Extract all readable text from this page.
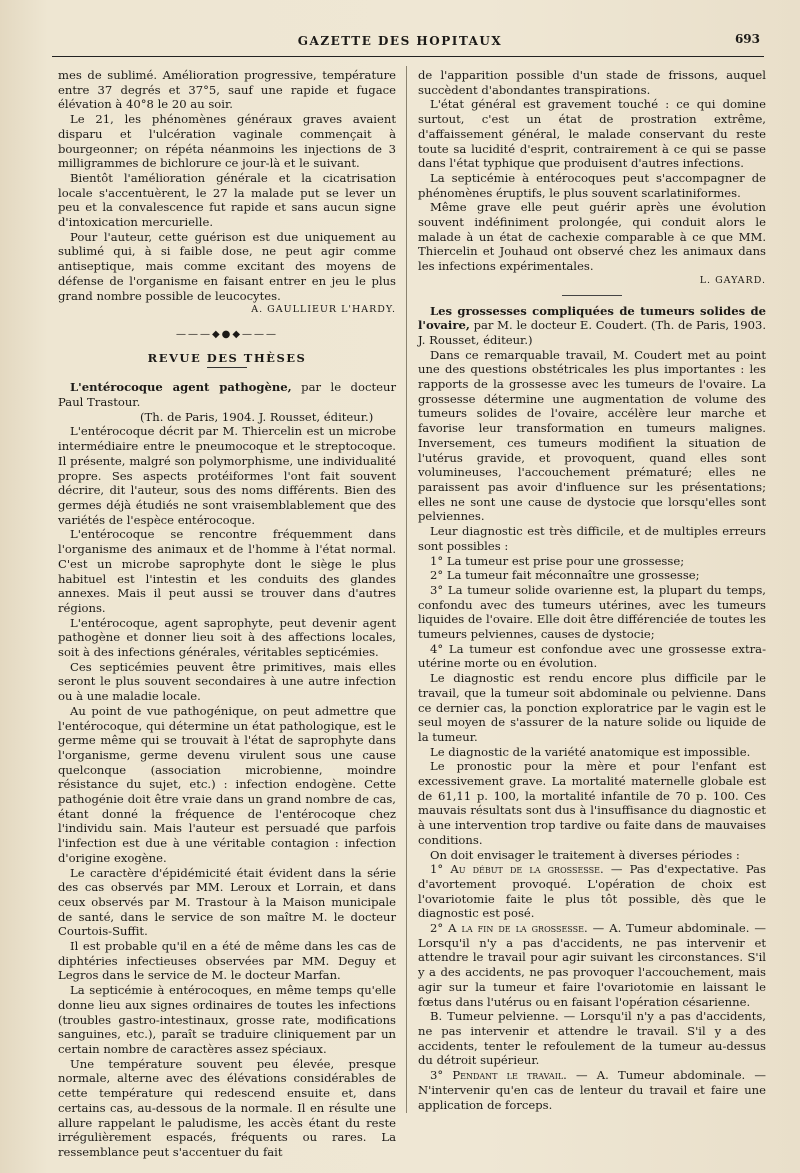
GAZETTE DES HOPITAUX	693

mes de sublimé. Amélioration progressive, température entre 37 degrés et 37°5, sauf une rapide et fugace élévation à 40°8 le 20 au soir.

Le 21, les phénomènes généraux graves avaient disparu et l'ulcération vaginale commençait à bourgeonner; on répéta néanmoins les injections de 3 milligrammes de bichlorure ce jour-là et le suivant.

Bientôt l'amélioration générale et la cicatrisation locale s'accentuèrent, le 27 la malade put se lever un peu et la convalescence fut rapide et sans aucun signe d'intoxication mercurielle.

Pour l'auteur, cette guérison est due uniquement au sublimé qui, à si faible dose, ne peut agir comme antiseptique, mais comme excitant des moyens de défense de l'organisme en faisant entrer en jeu le plus grand nombre possible de leucocytes.

A. GAULLIEUR L'HARDY.
———◆●◆———
REVUE DES THÈSES

L'entérocoque agent pathogène, par le docteur Paul Trastour.
(Th. de Paris, 1904. J. Rousset, éditeur.)

L'entérocoque décrit par M. Thiercelin est un microbe intermédiaire entre le pneumocoque et le streptocoque. Il présente, malgré son polymorphisme, une individualité propre. Ses aspects protéiformes l'ont fait souvent décrire, dit l'auteur, sous des noms différents. Bien des germes déjà étudiés ne sont vraisemblablement que des variétés de l'espèce entérocoque.

L'entérocoque se rencontre fréquemment dans l'organisme des animaux et de l'homme à l'état normal. C'est un microbe saprophyte dont le siège le plus habituel est l'intestin et les conduits des glandes annexes. Mais il peut aussi se trouver dans d'autres régions.

L'entérocoque, agent saprophyte, peut devenir agent pathogène et donner lieu soit à des affections locales, soit à des infections générales, véritables septicémies.

Ces septicémies peuvent être primitives, mais elles seront le plus souvent secondaires à une autre infection ou à une maladie locale.

Au point de vue pathogénique, on peut admettre que l'entérocoque, qui détermine un état pathologique, est le germe même qui se trouvait à l'état de saprophyte dans l'organisme, germe devenu virulent sous une cause quelconque (association microbienne, moindre résistance du sujet, etc.) : infection endogène. Cette pathogénie doit être vraie dans un grand nombre de cas, étant donné la fréquence de l'entérocoque chez l'individu sain. Mais l'auteur est persuadé que parfois l'infection est due à une véritable contagion : infection d'origine exogène.

Le caractère d'épidémicité était évident dans la série des cas observés par MM. Leroux et Lorrain, et dans ceux observés par M. Trastour à la Maison municipale de santé, dans le service de son maître M. le docteur Courtois-Suffit.

Il est probable qu'il en a été de même dans les cas de diphtéries infectieuses observées par MM. Deguy et Legros dans le service de M. le docteur Marfan.

La septicémie à entérocoques, en même temps qu'elle donne lieu aux signes ordinaires de toutes les infections (troubles gastro-intestinaux, grosse rate, modifications sanguines, etc.), paraît se traduire cliniquement par un certain nombre de caractères assez spéciaux.

Une température souvent peu élevée, presque normale, alterne avec des élévations considérables de cette température qui redescend ensuite et, dans certains cas, au-dessous de la normale. Il en résulte une allure rappelant le paludisme, les accès étant du reste irrégulièrement espacés, fréquents ou rares. La ressemblance peut s'accentuer du fait

de l'apparition possible d'un stade de frissons, auquel succèdent d'abondantes transpirations.

L'état général est gravement touché : ce qui domine surtout, c'est un état de prostration extrême, d'affaissement général, le malade conservant du reste toute sa lucidité d'esprit, contrairement à ce qui se passe dans l'état typhique que produisent d'autres infections.

La septicémie à entérocoques peut s'accompagner de phénomènes éruptifs, le plus souvent scarlatiniformes.

Même grave elle peut guérir après une évolution souvent indéfiniment prolongée, qui conduit alors le malade à un état de cachexie comparable à ce que MM. Thiercelin et Jouhaud ont observé chez les animaux dans les infections expérimentales.

L. GAYARD.

Les grossesses compliquées de tumeurs solides de l'ovaire, par M. le docteur E. Coudert. (Th. de Paris, 1903. J. Rousset, éditeur.)

Dans ce remarquable travail, M. Coudert met au point une des questions obstétricales les plus importantes : les rapports de la grossesse avec les tumeurs de l'ovaire. La grossesse détermine une augmentation de volume des tumeurs solides de l'ovaire, accélère leur marche et favorise leur transformation en tumeurs malignes. Inversement, ces tumeurs modifient la situation de l'utérus gravide, et provoquent, quand elles sont volumineuses, l'accouchement prématuré; elles ne paraissent pas avoir d'influence sur les présentations; elles ne sont une cause de dystocie que lorsqu'elles sont pelviennes.

Leur diagnostic est très difficile, et de multiples erreurs sont possibles :

1° La tumeur est prise pour une grossesse;

2° La tumeur fait méconnaître une grossesse;

3° La tumeur solide ovarienne est, la plupart du temps, confondu avec des tumeurs utérines, avec les tumeurs liquides de l'ovaire. Elle doit être différenciée de toutes les tumeurs pelviennes, causes de dystocie;

4° La tumeur est confondue avec une grossesse extra-utérine morte ou en évolution.

Le diagnostic est rendu encore plus difficile par le travail, que la tumeur soit abdominale ou pelvienne. Dans ce dernier cas, la ponction exploratrice par le vagin est le seul moyen de s'assurer de la nature solide ou liquide de la tumeur.

Le diagnostic de la variété anatomique est impossible.

Le pronostic pour la mère et pour l'enfant est excessivement grave. La mortalité maternelle globale est de 61,11 p. 100, la mortalité infantile de 70 p. 100. Ces mauvais résultats sont dus à l'insuffisance du diagnostic et à une intervention trop tardive ou faite dans de mauvaises conditions.

On doit envisager le traitement à diverses périodes :

1° Au début de la grossesse. — Pas d'expectative. Pas d'avortement provoqué. L'opération de choix est l'ovariotomie faite le plus tôt possible, dès que le diagnostic est posé.

2° A la fin de la grossesse. — A. Tumeur abdominale. — Lorsqu'il n'y a pas d'accidents, ne pas intervenir et attendre le travail pour agir suivant les circonstances. S'il y a des accidents, ne pas provoquer l'accouchement, mais agir sur la tumeur et faire l'ovariotomie en laissant le fœtus dans l'utérus ou en faisant l'opération césarienne.

B. Tumeur pelvienne. — Lorsqu'il n'y a pas d'accidents, ne pas intervenir et attendre le travail. S'il y a des accidents, tenter le refoulement de la tumeur au-dessus du détroit supérieur.

3° Pendant le travail. — A. Tumeur abdominale. — N'intervenir qu'en cas de lenteur du travail et faire une application de forceps.
